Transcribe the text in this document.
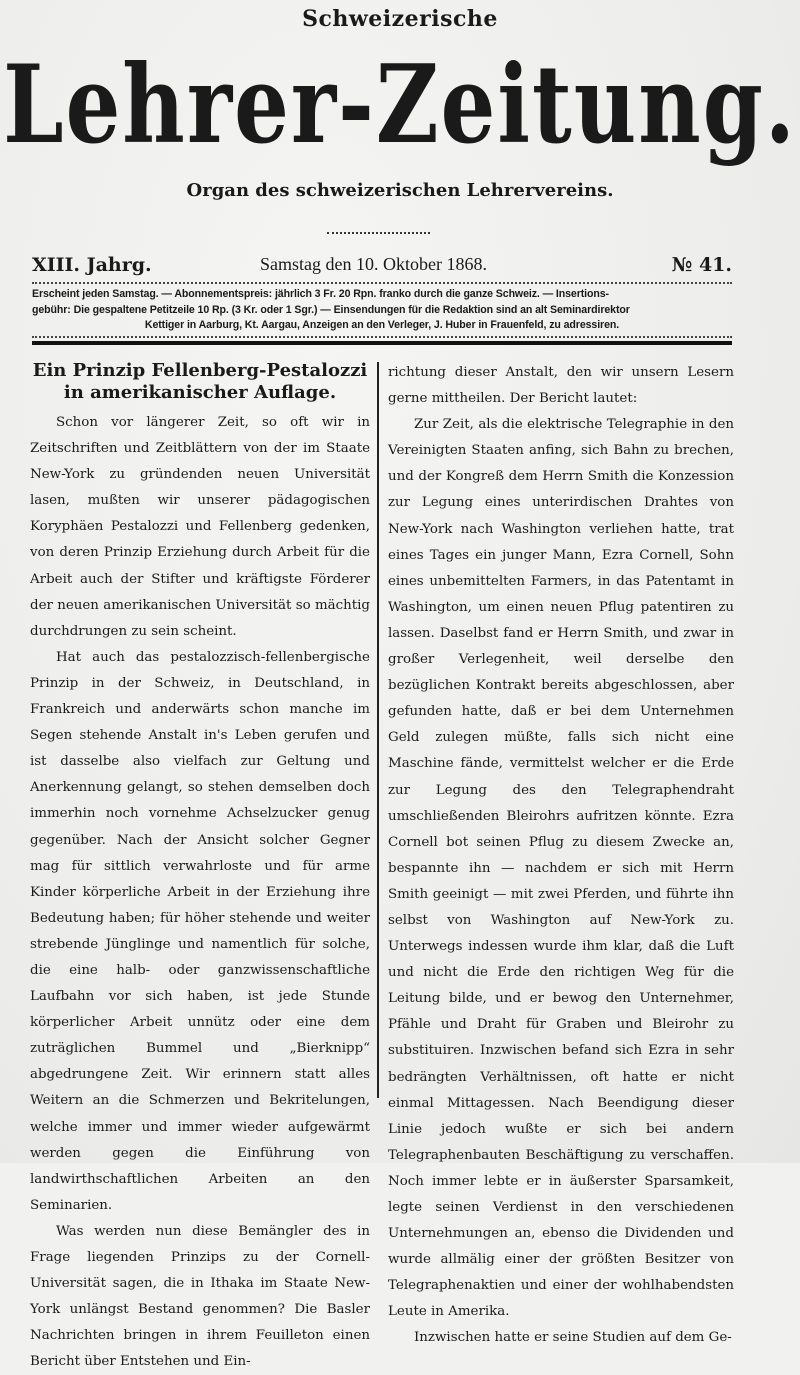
Schweizerische
Lehrer-Zeitung.
Organ des schweizerischen Lehrervereins.
XIII. Jahrg.	Samstag den 10. Oktober 1868.	№ 41.

Erscheint jeden Samstag. — Abonnementspreis: jährlich 3 Fr. 20 Rpn. franko durch die ganze Schweiz. — Insertions-

gebühr: Die gespaltene Petitzeile 10 Rp. (3 Kr. oder 1 Sgr.) — Einsendungen für die Redaktion sind an alt Seminardirektor

Kettiger in Aarburg, Kt. Aargau, Anzeigen an den Verleger, J. Huber in Frauenfeld, zu adressiren.

Ein Prinzip Fellenberg-Pestalozzi in amerikanischer Auflage.

Schon vor längerer Zeit, so oft wir in Zeitschriften und Zeitblättern von der im Staate New-York zu gründenden neuen Universität lasen, mußten wir unserer pädagogischen Koryphäen Pestalozzi und Fellenberg gedenken, von deren Prinzip Erziehung durch Arbeit für die Arbeit auch der Stifter und kräftigste Förderer der neuen amerikanischen Universität so mächtig durchdrungen zu sein scheint.

Hat auch das pestalozzisch-fellenbergische Prinzip in der Schweiz, in Deutschland, in Frankreich und anderwärts schon manche im Segen stehende Anstalt in's Leben gerufen und ist dasselbe also vielfach zur Geltung und Anerkennung gelangt, so stehen demselben doch immerhin noch vornehme Achselzucker genug gegenüber. Nach der Ansicht solcher Gegner mag für sittlich verwahrloste und für arme Kinder körperliche Arbeit in der Erziehung ihre Bedeutung haben; für höher stehende und weiter strebende Jünglinge und namentlich für solche, die eine halb- oder ganzwissenschaftliche Laufbahn vor sich haben, ist jede Stunde körperlicher Arbeit unnütz oder eine dem zuträglichen Bummel und „Bierknipp“ abgedrungene Zeit. Wir erinnern statt alles Weitern an die Schmerzen und Bekritelungen, welche immer und immer wieder aufgewärmt werden gegen die Einführung von landwirthschaftlichen Arbeiten an den Seminarien.

Was werden nun diese Bemängler des in Frage liegenden Prinzips zu der Cornell-Universität sagen, die in Ithaka im Staate New-York unlängst Bestand genommen? Die Basler Nachrichten bringen in ihrem Feuilleton einen Bericht über Entstehen und Ein-

richtung dieser Anstalt, den wir unsern Lesern gerne mittheilen. Der Bericht lautet:

Zur Zeit, als die elektrische Telegraphie in den Vereinigten Staaten anfing, sich Bahn zu brechen, und der Kongreß dem Herrn Smith die Konzession zur Legung eines unterirdischen Drahtes von New-York nach Washington verliehen hatte, trat eines Tages ein junger Mann, Ezra Cornell, Sohn eines unbemittelten Farmers, in das Patentamt in Washington, um einen neuen Pflug patentiren zu lassen. Daselbst fand er Herrn Smith, und zwar in großer Verlegenheit, weil derselbe den bezüglichen Kontrakt bereits abgeschlossen, aber gefunden hatte, daß er bei dem Unternehmen Geld zulegen müßte, falls sich nicht eine Maschine fände, vermittelst welcher er die Erde zur Legung des den Telegraphendraht umschließenden Bleirohrs aufritzen könnte. Ezra Cornell bot seinen Pflug zu diesem Zwecke an, bespannte ihn — nachdem er sich mit Herrn Smith geeinigt — mit zwei Pferden, und führte ihn selbst von Washington auf New-York zu. Unterwegs indessen wurde ihm klar, daß die Luft und nicht die Erde den richtigen Weg für die Leitung bilde, und er bewog den Unternehmer, Pfähle und Draht für Graben und Bleirohr zu substituiren. Inzwischen befand sich Ezra in sehr bedrängten Verhältnissen, oft hatte er nicht einmal Mittagessen. Nach Beendigung dieser Linie jedoch wußte er sich bei andern Telegraphenbauten Beschäftigung zu verschaffen. Noch immer lebte er in äußerster Sparsamkeit, legte seinen Verdienst in den verschiedenen Unternehmungen an, ebenso die Dividenden und wurde allmälig einer der größten Besitzer von Telegraphenaktien und einer der wohlhabendsten Leute in Amerika.

Inzwischen hatte er seine Studien auf dem Ge-
